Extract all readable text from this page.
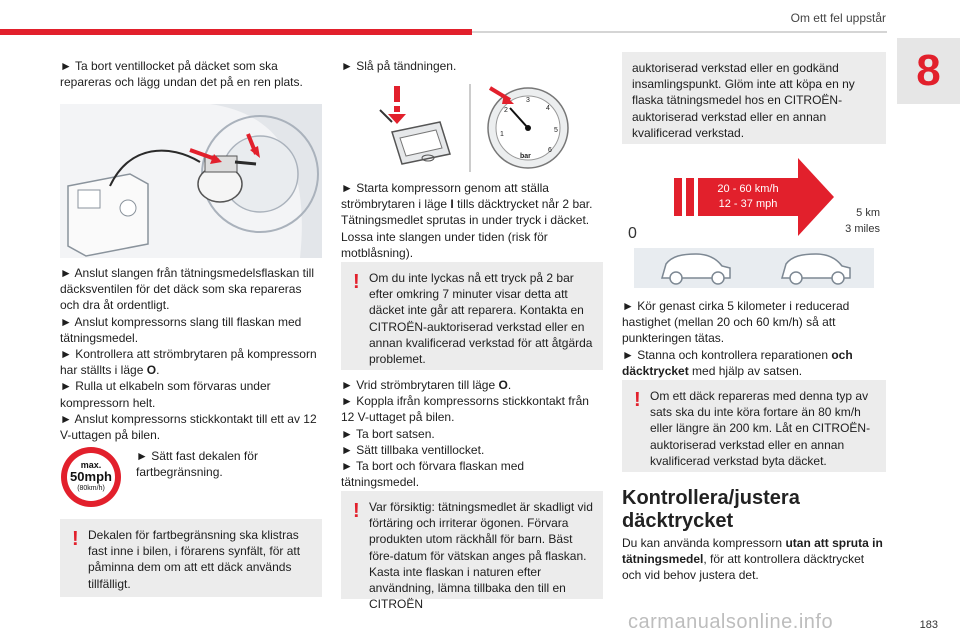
Om ett fel uppstår
8

► Ta bort ventillocket på däcket som ska repareras och lägg undan det på en ren plats.

► Anslut slangen från tätningsmedelsflaskan till däcksventilen för det däck som ska repareras och dra åt ordentligt.

► Anslut kompressorns slang till flaskan med tätningsmedel.

► Kontrollera att strömbrytaren på kompressorn har ställts i läge O.

► Rulla ut elkabeln som förvaras under kompressorn helt.

► Anslut kompressorns stickkontakt till ett av 12 V-uttagen på bilen.

max.
50mph
(80km/h)
► Sätt fast dekalen för fartbegränsning.
! Dekalen för fartbegränsning ska klistras fast inne i bilen, i förarens synfält, för att påminna dem om att ett däck används tillfälligt.
► Slå på tändningen.
1
2
3
4
5
6
bar

► Starta kompressorn genom att ställa strömbrytaren i läge I tills däcktrycket når 2 bar. Tätningsmedlet sprutas in under tryck i däcket. Lossa inte slangen under tiden (risk för motblåsning).

! Om du inte lyckas nå ett tryck på 2 bar efter omkring 7 minuter visar detta att däcket inte går att reparera. Kontakta en CITROËN-auktoriserad verkstad eller en annan kvalificerad verkstad för att åtgärda problemet.

► Vrid strömbrytaren till läge O.

► Koppla ifrån kompressorns stickkontakt från 12 V-uttaget på bilen.

► Ta bort satsen.

► Sätt tillbaka ventillocket.

► Ta bort och förvara flaskan med tätningsmedel.

! Var försiktig: tätningsmedlet är skadligt vid förtäring och irriterar ögonen. Förvara produkten utom räckhåll för barn. Bäst före-datum för vätskan anges på flaskan. Kasta inte flaskan i naturen efter användning, lämna tillbaka den till en CITROËN
auktoriserad verkstad eller en godkänd insamlingspunkt. Glöm inte att köpa en ny flaska tätningsmedel hos en CITROËN-auktoriserad verkstad eller en annan kvalificerad verkstad.
20 - 60 km/h
12 - 37 mph
0
5 km
3 miles

► Kör genast cirka 5 kilometer i reducerad hastighet (mellan 20 och 60 km/h) så att punkteringen tätas.

► Stanna och kontrollera reparationen och däcktrycket med hjälp av satsen.

! Om ett däck repareras med denna typ av sats ska du inte köra fortare än 80 km/h eller längre än 200 km. Låt en CITROËN-auktoriserad verkstad eller en annan kvalificerad verkstad byta däcket.
Kontrollera/justera däcktrycket

Du kan använda kompressorn utan att spruta in tätningsmedel, för att kontrollera däcktrycket och vid behov justera det.

carmanualsonline.info	183
